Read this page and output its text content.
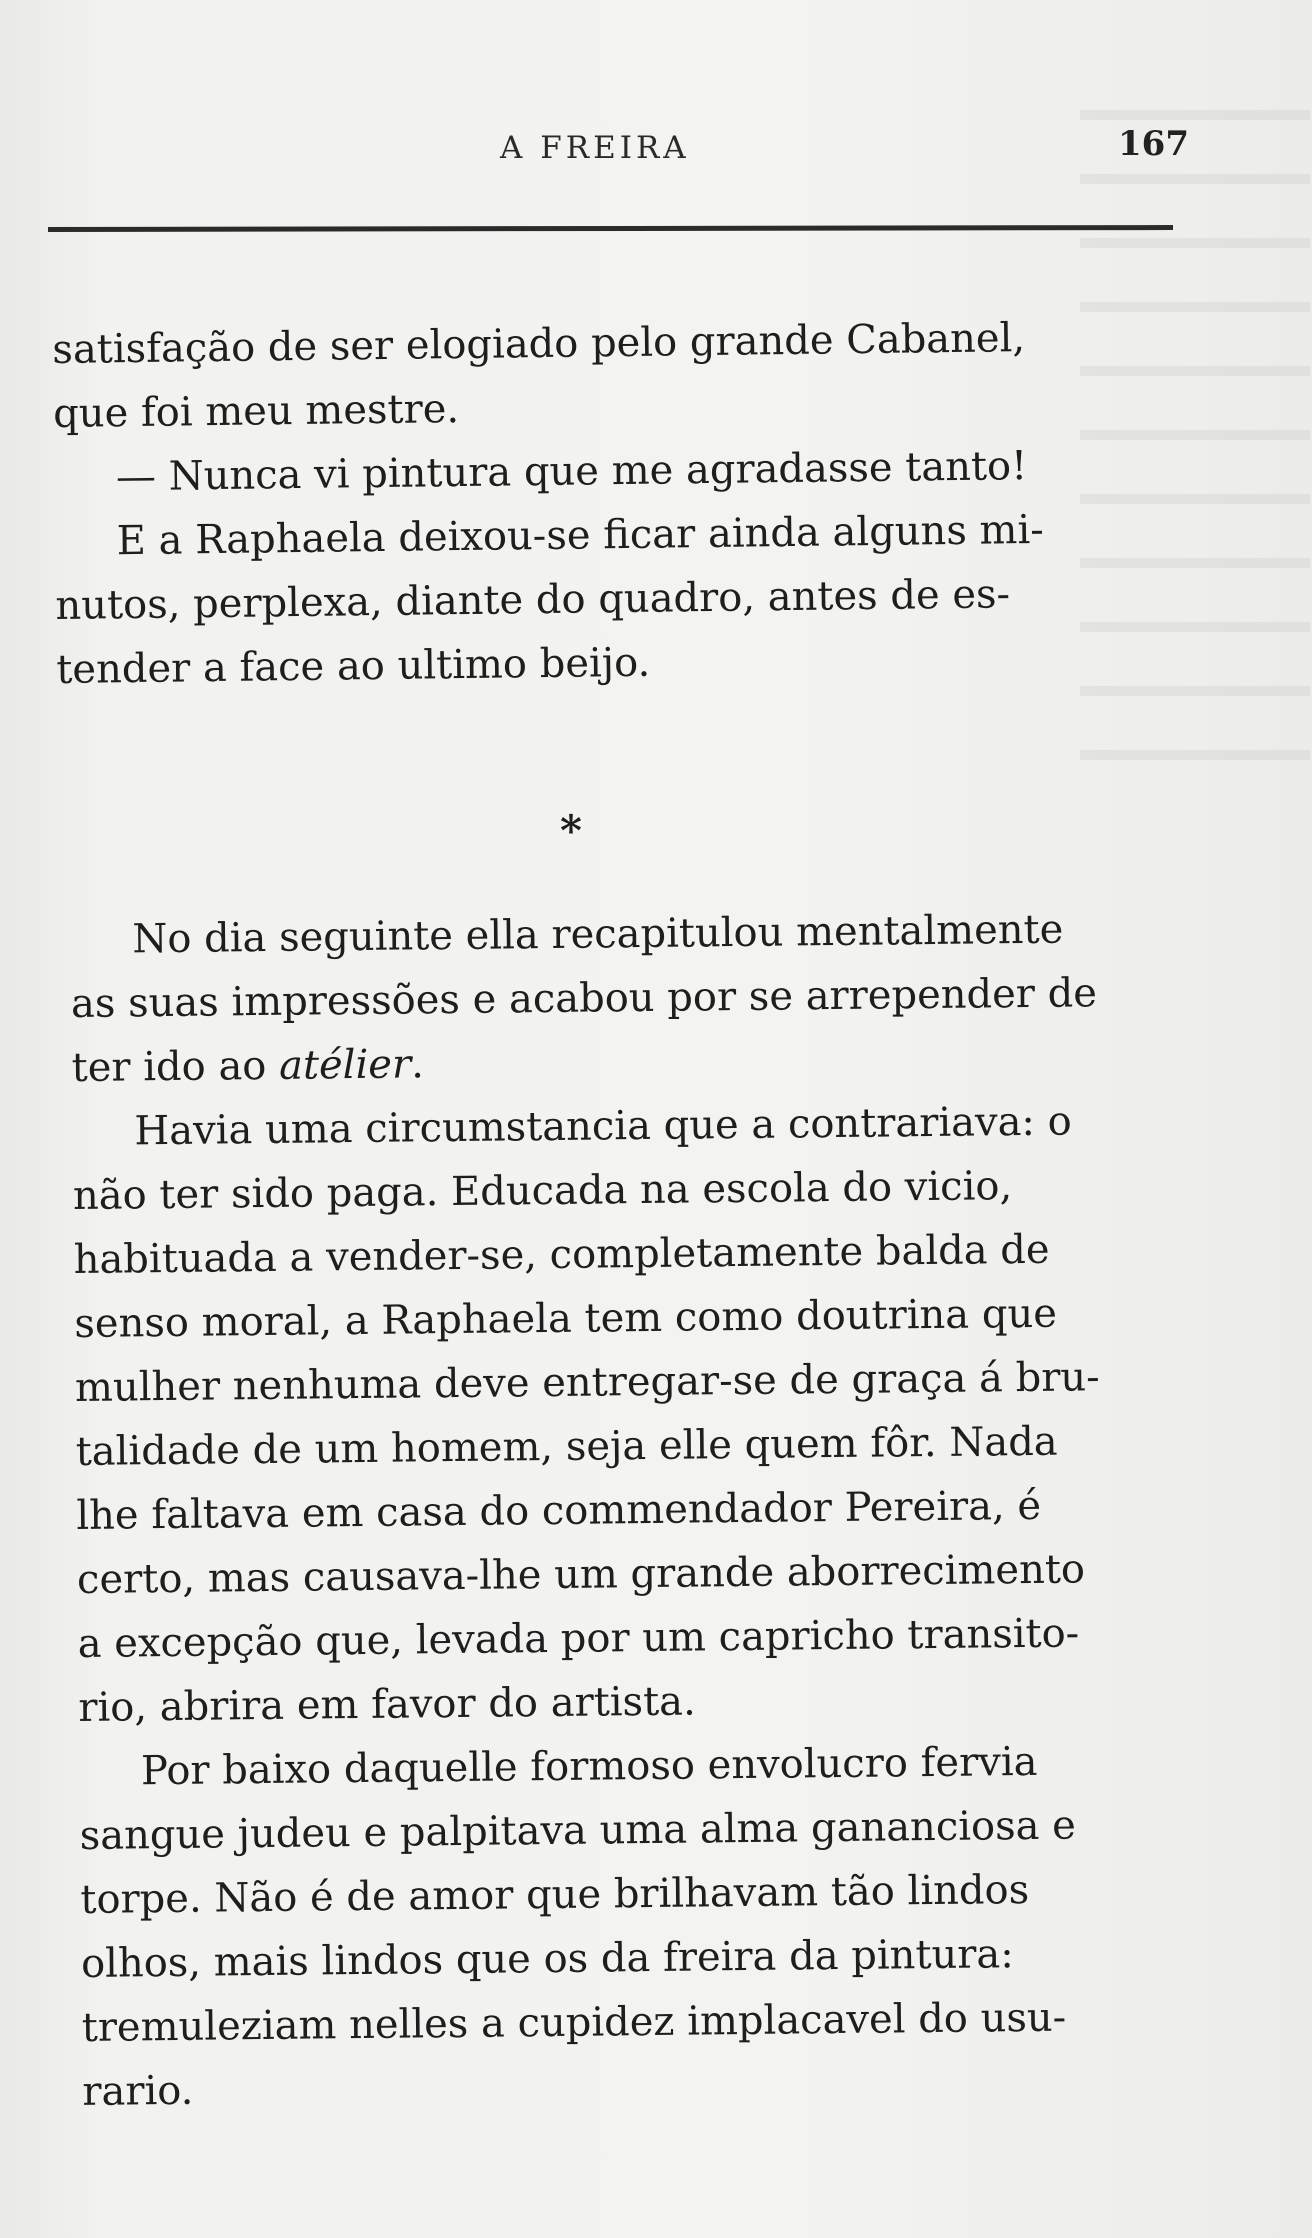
A FREIRA	167
satisfação de ser elogiado pelo grande Cabanel,
que foi meu mestre.
— Nunca vi pintura que me agradasse tanto!
E a Raphaela deixou-se ficar ainda alguns mi-
nutos, perplexa, diante do quadro, antes de es-
tender a face ao ultimo beijo.
*
No dia seguinte ella recapitulou mentalmente
as suas impressões e acabou por se arrepender de
ter ido ao atélier.
Havia uma circumstancia que a contrariava: o
não ter sido paga. Educada na escola do vicio,
habituada a vender-se, completamente balda de
senso moral, a Raphaela tem como doutrina que
mulher nenhuma deve entregar-se de graça á bru-
talidade de um homem, seja elle quem fôr. Nada
lhe faltava em casa do commendador Pereira, é
certo, mas causava-lhe um grande aborrecimento
a excepção que, levada por um capricho transito-
rio, abrira em favor do artista.
Por baixo daquelle formoso envolucro fervia
sangue judeu e palpitava uma alma gananciosa e
torpe. Não é de amor que brilhavam tão lindos
olhos, mais lindos que os da freira da pintura:
tremuleziam nelles a cupidez implacavel do usu-
rario.
